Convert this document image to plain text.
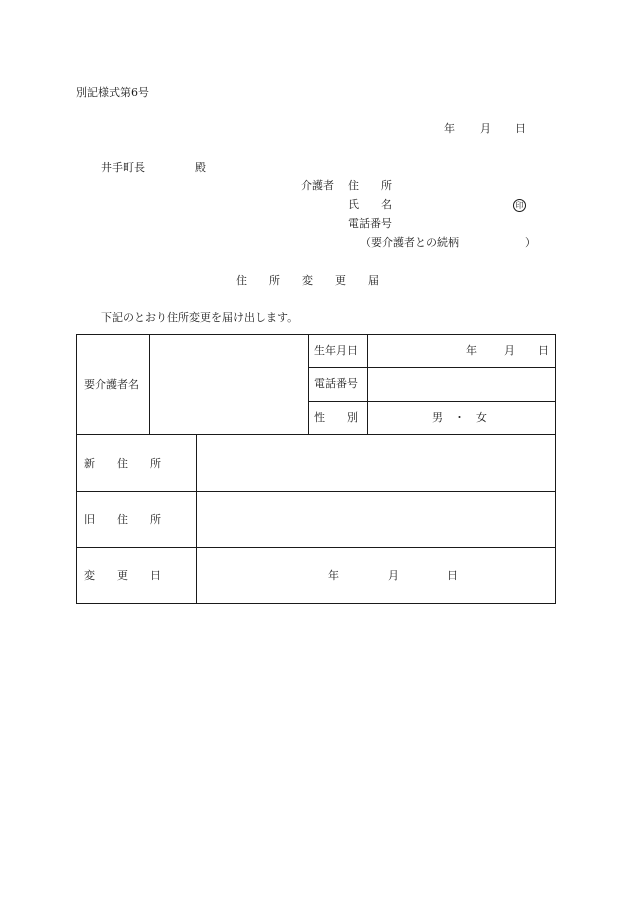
別記様式第6号
年 月 日
井手町長	殿
介護者 住　　所
氏　　名	印
電話番号
（要介護者との続柄　　　　　　）
住　　所　　変　　更　　届
下記のとおり住所変更を届け出します。
要介護者名
生年月日	年 月 日
電話番号
性　　別	男　・　女
新　　住　　所
旧　　住　　所
変　　更　　日	年	月	日
